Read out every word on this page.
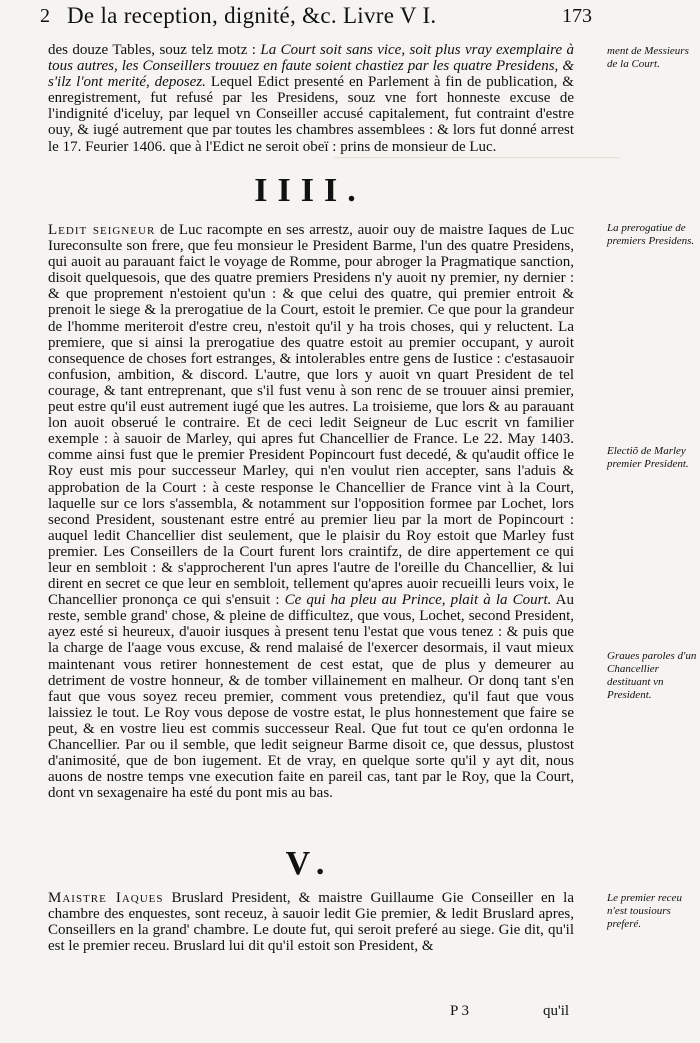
2 De la reception, dignité, &c. Livre V I.	173
——————————————————————

des douze Tables, souz telz motz : La Court soit sans vice, soit plus vray exemplaire à tous autres, les Conseillers trouuez en faute soient chastiez par les quatre Presidens, & s'ilz l'ont merité, deposez. Lequel Edict presenté en Parlement à fin de publication, & enregistrement, fut refusé par les Presidens, souz vne fort honneste excuse de l'indignité d'iceluy, par lequel vn Conseiller accusé capitalement, fut contraint d'estre ouy, & iugé autrement que par toutes les chambres assemblees : & lors fut donné arrest le 17. Feurier 1406. que à l'Edict ne seroit obeï : prins de monsieur de Luc.

IIII.

Ledit seigneur de Luc racompte en ses arrestz, auoir ouy de maistre Iaques de Luc Iureconsulte son frere, que feu monsieur le President Barme, l'un des quatre Presidens, qui auoit au parauant faict le voyage de Romme, pour abroger la Pragmatique sanction, disoit quelquesois, que des quatre premiers Presidens n'y auoit ny premier, ny dernier : & que proprement n'estoient qu'un : & que celui des quatre, qui premier entroit & prenoit le siege & la prerogatiue de la Court, estoit le premier. Ce que pour la grandeur de l'homme meriteroit d'estre creu, n'estoit qu'il y ha trois choses, qui y reluctent. La premiere, que si ainsi la prerogatiue des quatre estoit au premier occupant, y auroit consequence de choses fort estranges, & intolerables entre gens de Iustice : c'estasauoir confusion, ambition, & discord. L'autre, que lors y auoit vn quart President de tel courage, & tant entreprenant, que s'il fust venu à son renc de se trouuer ainsi premier, peut estre qu'il eust autrement iugé que les autres. La troisieme, que lors & au parauant lon auoit obserué le contraire. Et de ceci ledit Seigneur de Luc escrit vn familier exemple : à sauoir de Marley, qui apres fut Chancellier de France. Le 22. May 1403. comme ainsi fust que le premier President Popincourt fust decedé, & qu'audit office le Roy eust mis pour successeur Marley, qui n'en voulut rien accepter, sans l'aduis & approbation de la Court : à ceste response le Chancellier de France vint à la Court, laquelle sur ce lors s'assembla, & notamment sur l'opposition formee par Lochet, lors second President, soustenant estre entré au premier lieu par la mort de Popincourt : auquel ledit Chancellier dist seulement, que le plaisir du Roy estoit que Marley fust premier. Les Conseillers de la Court furent lors craintifz, de dire appertement ce qui leur en sembloit : & s'approcherent l'un apres l'autre de l'oreille du Chancellier, & lui dirent en secret ce que leur en sembloit, tellement qu'apres auoir recueilli leurs voix, le Chancellier prononça ce qui s'ensuit : Ce qui ha pleu au Prince, plait à la Court. Au reste, semble grand' chose, & pleine de difficultez, que vous, Lochet, second President, ayez esté si heureux, d'auoir iusques à present tenu l'estat que vous tenez : & puis que la charge de l'aage vous excuse, & rend malaisé de l'exercer desormais, il vaut mieux maintenant vous retirer honnestement de cest estat, que de plus y demeurer au detriment de vostre honneur, & de tomber villainement en malheur. Or donq tant s'en faut que vous soyez receu premier, comment vous pretendiez, qu'il faut que vous laissiez le tout. Le Roy vous depose de vostre estat, le plus honnestement que faire se peut, & en vostre lieu est commis successeur Real. Que fut tout ce qu'en ordonna le Chancellier. Par ou il semble, que ledit seigneur Barme disoit ce, que dessus, plustost d'animosité, que de bon iugement. Et de vray, en quelque sorte qu'il y ayt dit, nous auons de nostre temps vne execution faite en pareil cas, tant par le Roy, que la Court, dont vn sexagenaire ha esté du pont mis au bas.

V.

Maistre Iaques Bruslard President, & maistre Guillaume Gie Conseiller en la chambre des enquestes, sont receuz, à sauoir ledit Gie premier, & ledit Bruslard apres, Conseillers en la grand' chambre. Le doute fut, qui seroit preferé au siege. Gie dit, qu'il est le premier receu. Bruslard lui dit qu'il estoit son President, &

P 3	qu'il
ment de Messieurs de la Court.
La prerogatiue de premiers Presidens.
Electiõ de Marley premier President.
Graues paroles d'un Chancellier destituant vn President.
Le premier receu n'est tousiours preferé.
